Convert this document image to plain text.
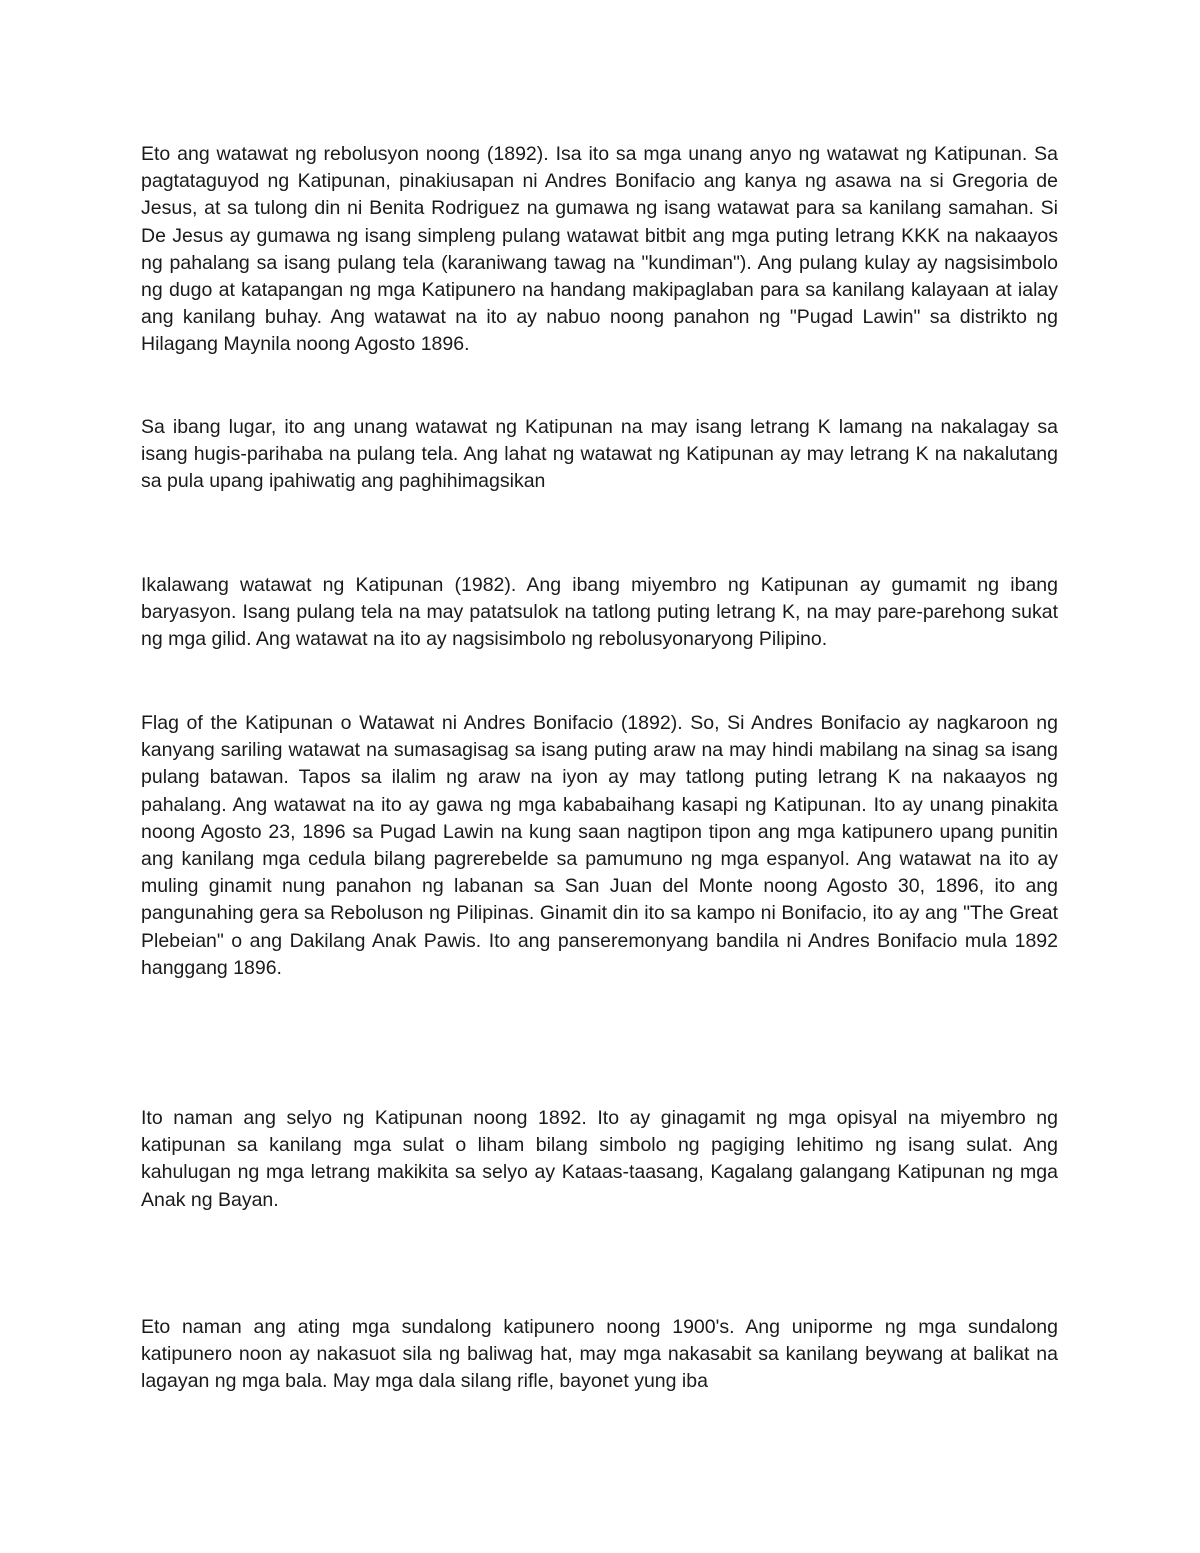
Eto ang watawat ng rebolusyon noong (1892). Isa ito sa mga unang anyo ng watawat ng Katipunan. Sa pagtataguyod ng Katipunan, pinakiusapan ni Andres Bonifacio ang kanya ng asawa na si Gregoria de Jesus, at sa tulong din ni Benita Rodriguez na gumawa ng isang watawat para sa kanilang samahan. Si De Jesus ay gumawa ng isang simpleng pulang watawat bitbit ang mga puting letrang KKK na nakaayos ng pahalang sa isang pulang tela (karaniwang tawag na "kundiman"). Ang pulang kulay ay nagsisimbolo ng dugo at katapangan ng mga Katipunero na handang makipaglaban para sa kanilang kalayaan at ialay ang kanilang buhay. Ang watawat na ito ay nabuo noong panahon ng "Pugad Lawin" sa distrikto ng Hilagang Maynila noong Agosto 1896.

Sa ibang lugar, ito ang unang watawat ng Katipunan na may isang letrang K lamang na nakalagay sa isang hugis-parihaba na pulang tela. Ang lahat ng watawat ng Katipunan ay may letrang K na nakalutang sa pula upang ipahiwatig ang paghihimagsikan

Ikalawang watawat ng Katipunan (1982). Ang ibang miyembro ng Katipunan ay gumamit ng ibang baryasyon. Isang pulang tela na may patatsulok na tatlong puting letrang K, na may pare-parehong sukat ng mga gilid. Ang watawat na ito ay nagsisimbolo ng rebolusyonaryong Pilipino.

Flag of the Katipunan o Watawat ni Andres Bonifacio (1892). So, Si Andres Bonifacio ay nagkaroon ng kanyang sariling watawat na sumasagisag sa isang puting araw na may hindi mabilang na sinag sa isang pulang batawan. Tapos sa ilalim ng araw na iyon ay may tatlong puting letrang K na nakaayos ng pahalang. Ang watawat na ito ay gawa ng mga kababaihang kasapi ng Katipunan. Ito ay unang pinakita noong Agosto 23, 1896 sa Pugad Lawin na kung saan nagtipon tipon ang mga katipunero upang punitin ang kanilang mga cedula bilang pagrerebelde sa pamumuno ng mga espanyol. Ang watawat na ito ay muling ginamit nung panahon ng labanan sa San Juan del Monte noong Agosto 30, 1896, ito ang pangunahing gera sa Reboluson ng Pilipinas. Ginamit din ito sa kampo ni Bonifacio, ito ay ang "The Great Plebeian" o ang Dakilang Anak Pawis. Ito ang panseremonyang bandila ni Andres Bonifacio mula 1892 hanggang 1896.

Ito naman ang selyo ng Katipunan noong 1892. Ito ay ginagamit ng mga opisyal na miyembro ng katipunan sa kanilang mga sulat o liham bilang simbolo ng pagiging lehitimo ng isang sulat. Ang kahulugan ng mga letrang makikita sa selyo ay Kataas-taasang, Kagalang galangang Katipunan ng mga Anak ng Bayan.

Eto naman ang ating mga sundalong katipunero noong 1900's. Ang uniporme ng mga sundalong katipunero noon ay nakasuot sila ng baliwag hat, may mga nakasabit sa kanilang beywang at balikat na lagayan ng mga bala. May mga dala silang rifle, bayonet yung iba
